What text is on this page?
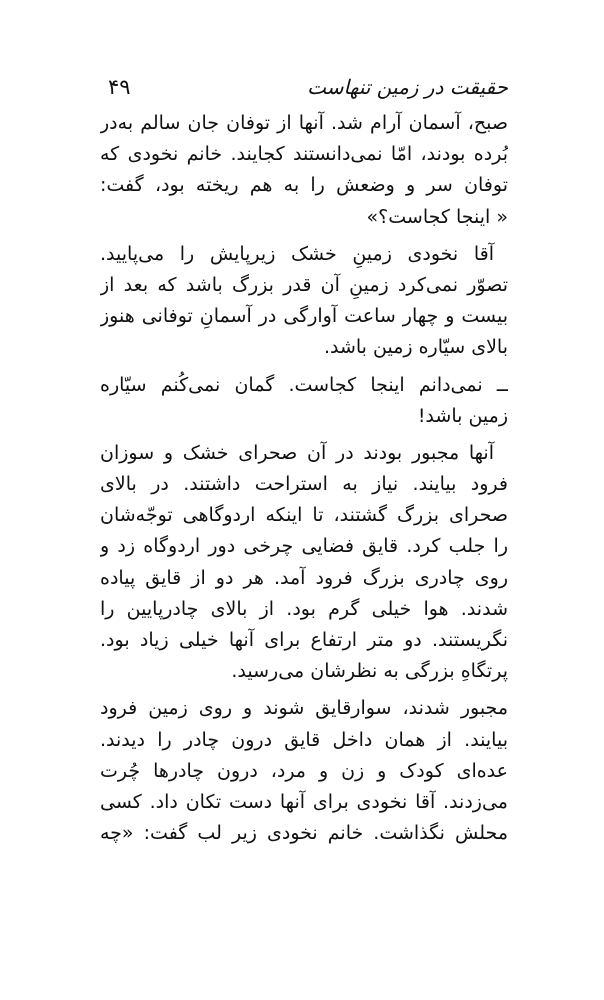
۴۹	حقیقت در زمین تنهاست
صبح، آسمان آرام شد. آنها از توفان جان سالم به‌در
بُرده بودند، امّا نمی‌دانستند کجایند. خانم نخودی که
توفان سر و وضعش را به هم ریخته بود، گفت:
« اینجا کجاست؟»
آقا نخودی زمینِ خشک زیرپایش را می‌پایید.
تصوّر نمی‌کرد زمینِ آن قدر بزرگ باشد که بعد از
بیست و چهار ساعت آوارگی در آسمانِ توفانی هنوز
بالای سیّاره زمین باشد.
ــ نمی‌دانم اینجا کجاست. گمان نمی‌کُنم سیّاره
زمین باشد!
آنها مجبور بودند در آن صحرای خشک و سوزان
فرود بیایند. نیاز به استراحت داشتند. در بالای
صحرای بزرگ گشتند، تا اینکه اردوگاهی توجّه‌شان
را جلب کرد. قایق فضایی چرخی دور اردوگاه زد و
روی چادری بزرگ فرود آمد. هر دو از قایق پیاده
شدند. هوا خیلی گرم بود. از بالای چادرپایین را
نگریستند. دو متر ارتفاع برای آنها خیلی زیاد بود.
پرتگاهِ بزرگی به نظرشان می‌رسید.
مجبور شدند، سوارقایق شوند و روی زمین فرود
بیایند. از همان داخل قایق درون چادر را دیدند.
عده‌ای کودک و زن و مرد، درون چادرها چُرت
می‌زدند. آقا نخودی برای آنها دست تکان داد. کسی
محلش نگذاشت. خانم نخودی زیر لب گفت: «چه
